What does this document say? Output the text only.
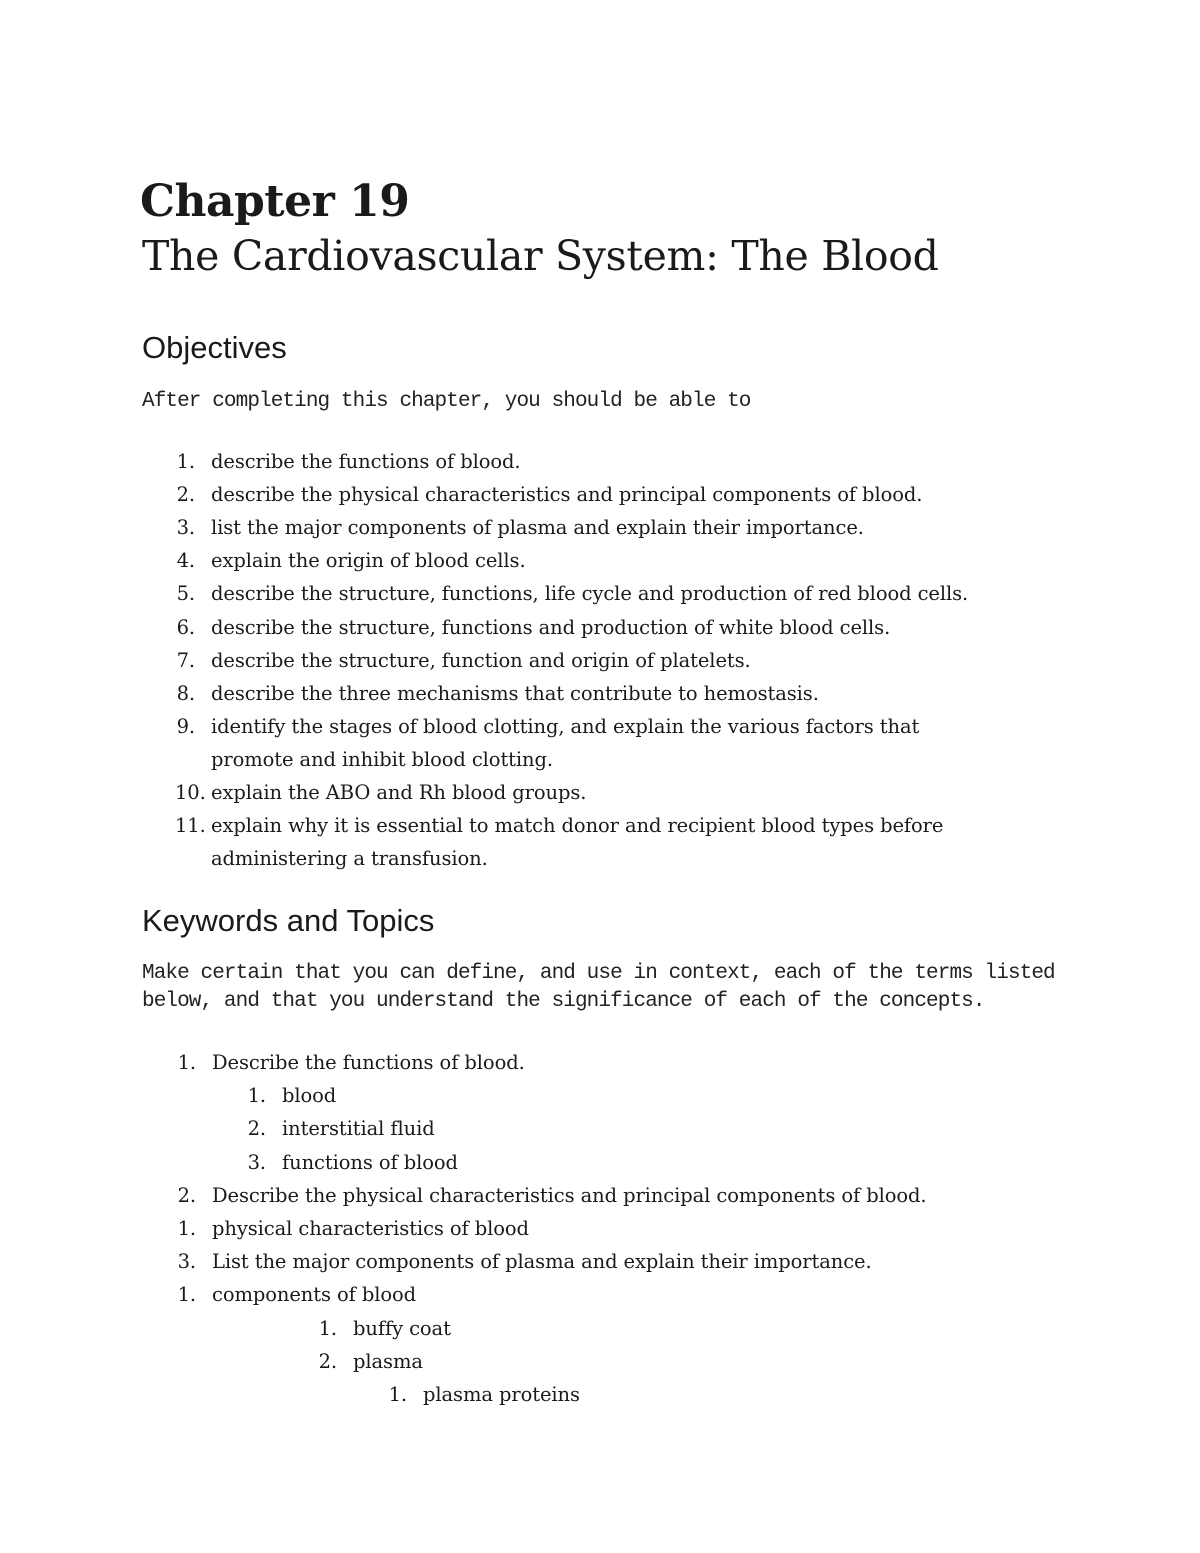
Chapter 19
The Cardiovascular System: The Blood
Objectives
After completing this chapter, you should be able to
1. describe the functions of blood.
2. describe the physical characteristics and principal components of blood.
3. list the major components of plasma and explain their importance.
4. explain the origin of blood cells.
5. describe the structure, functions, life cycle and production of red blood cells.
6. describe the structure, functions and production of white blood cells.
7. describe the structure, function and origin of platelets.
8. describe the three mechanisms that contribute to hemostasis.
9. identify the stages of blood clotting, and explain the various factors that
promote and inhibit blood clotting.
10. explain the ABO and Rh blood groups.
11. explain why it is essential to match donor and recipient blood types before
administering a transfusion.
Keywords and Topics
Make certain that you can define, and use in context, each of the terms listed
below, and that you understand the significance of each of the concepts.
1. Describe the functions of blood.
1. blood
2. interstitial fluid
3. functions of blood
2. Describe the physical characteristics and principal components of blood.
1. physical characteristics of blood
3. List the major components of plasma and explain their importance.
1. components of blood
1. buffy coat
2. plasma
1. plasma proteins
